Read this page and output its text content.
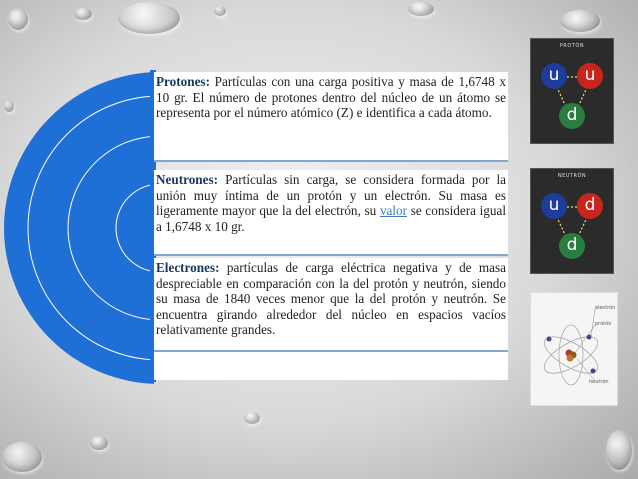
Protones: Partículas con una carga positiva y masa de 1,6748 x 10 gr. El número de protones dentro del núcleo de un átomo se representa por el número atómico (Z) e identifica a cada átomo.
Neutrones: Partículas sin carga, se considera formada por la unión muy íntima de un protón y un electrón. Su masa es ligeramente mayor que la del electrón, su valor se considera igual a 1,6748 x 10 gr.
Electrones: partículas de carga eléctrica negativa y de masa despreciable en comparación con la del protón y neutrón, siendo su masa de 1840 veces menor que la del protón y neutrón. Se encuentra girando alrededor del núcleo en espacios vacíos relativamente grandes.
PROTÓN
u	u
d
NEUTRÓN
u	d
d
electrón
protón
neutrón
